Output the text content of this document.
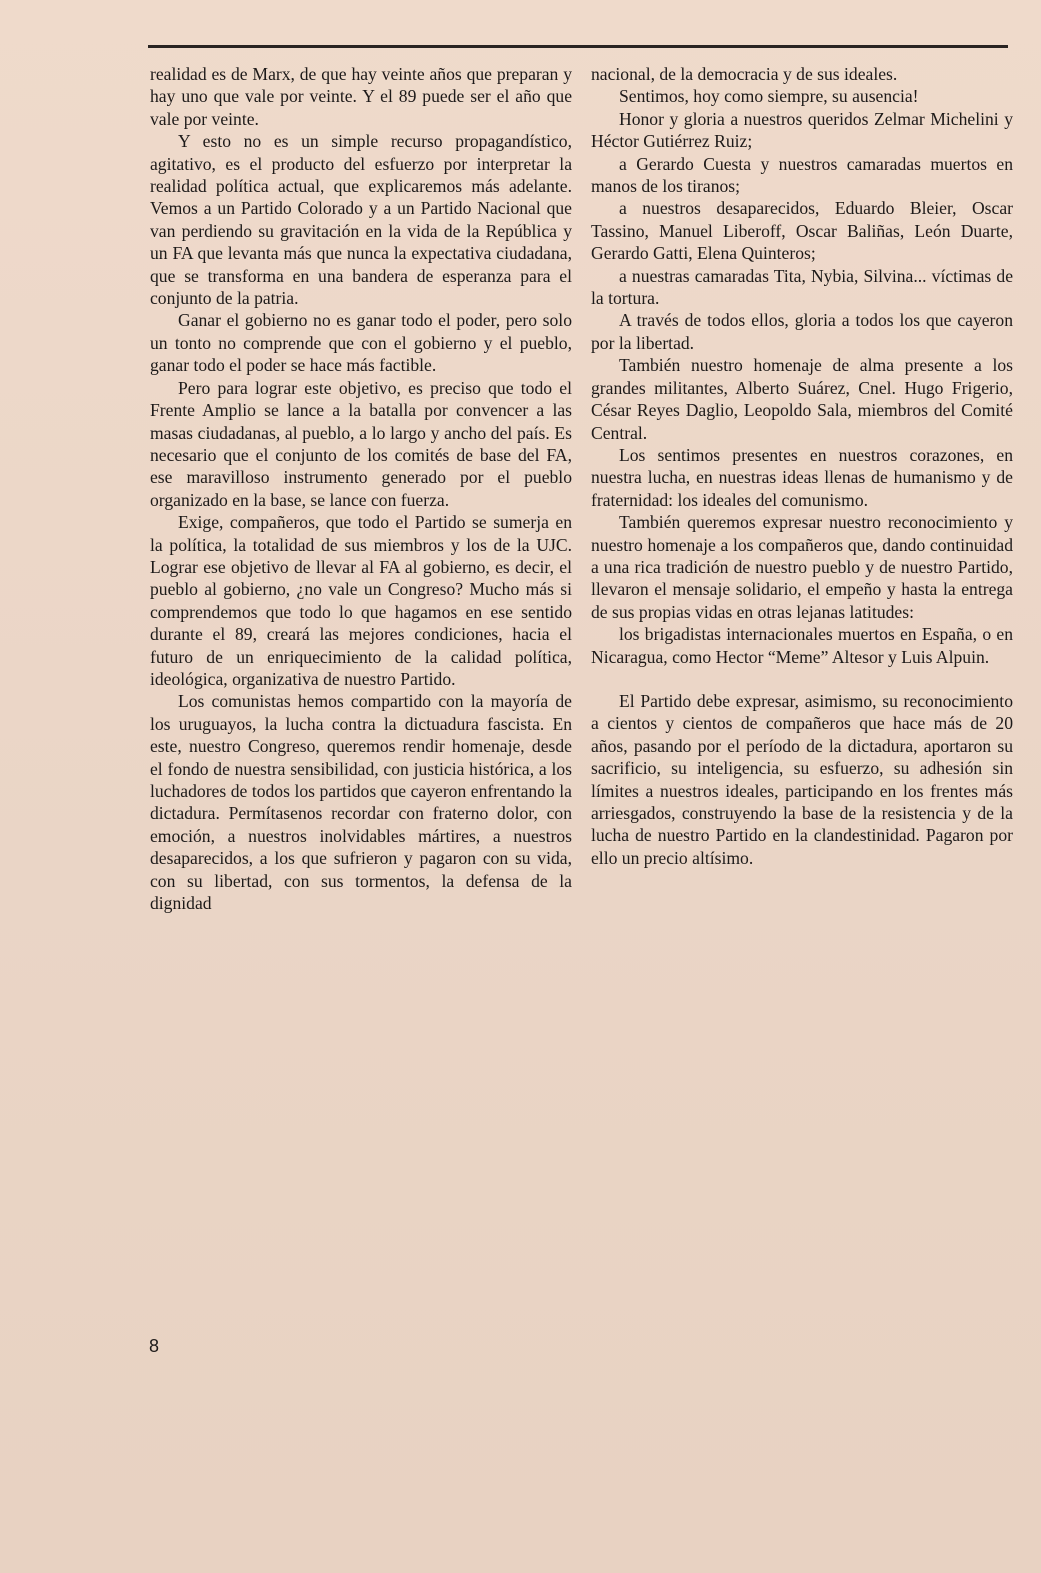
realidad es de Marx, de que hay veinte años que preparan y hay uno que vale por veinte. Y el 89 puede ser el año que vale por veinte.

Y esto no es un simple recurso propagandístico, agitativo, es el producto del esfuerzo por interpretar la realidad política actual, que explicaremos más adelante. Vemos a un Partido Colorado y a un Partido Nacional que van perdiendo su gravitación en la vida de la República y un FA que levanta más que nunca la expectativa ciudadana, que se transforma en una bandera de esperanza para el conjunto de la patria.

Ganar el gobierno no es ganar todo el poder, pero solo un tonto no comprende que con el gobierno y el pueblo, ganar todo el poder se hace más factible.

Pero para lograr este objetivo, es preciso que todo el Frente Amplio se lance a la batalla por convencer a las masas ciudadanas, al pueblo, a lo largo y ancho del país. Es necesario que el conjunto de los comités de base del FA, ese maravilloso instrumento generado por el pueblo organizado en la base, se lance con fuerza.

Exige, compañeros, que todo el Partido se sumerja en la política, la totalidad de sus miembros y los de la UJC. Lograr ese objetivo de llevar al FA al gobierno, es decir, el pueblo al gobierno, ¿no vale un Congreso? Mucho más si comprendemos que todo lo que hagamos en ese sentido durante el 89, creará las mejores condiciones, hacia el futuro de un enriquecimiento de la calidad política, ideológica, organizativa de nuestro Partido.

Los comunistas hemos compartido con la mayoría de los uruguayos, la lucha contra la dictuadura fascista. En este, nuestro Congreso, queremos rendir homenaje, desde el fondo de nuestra sensibilidad, con justicia histórica, a los luchadores de todos los partidos que cayeron enfrentando la dictadura. Permítasenos recordar con fraterno dolor, con emoción, a nuestros inolvidables mártires, a nuestros desaparecidos, a los que sufrieron y pagaron con su vida, con su libertad, con sus tormentos, la defensa de la dignidad

nacional, de la democracia y de sus ideales.

Sentimos, hoy como siempre, su ausencia!

Honor y gloria a nuestros queridos Zelmar Michelini y Héctor Gutiérrez Ruiz;

a Gerardo Cuesta y nuestros camaradas muertos en manos de los tiranos;

a nuestros desaparecidos, Eduardo Bleier, Oscar Tassino, Manuel Liberoff, Oscar Baliñas, León Duarte, Gerardo Gatti, Elena Quinteros;

a nuestras camaradas Tita, Nybia, Silvina... víctimas de la tortura.

A través de todos ellos, gloria a todos los que cayeron por la libertad.

También nuestro homenaje de alma presente a los grandes militantes, Alberto Suárez, Cnel. Hugo Frigerio, César Reyes Daglio, Leopoldo Sala, miembros del Comité Central.

Los sentimos presentes en nuestros corazones, en nuestra lucha, en nuestras ideas llenas de humanismo y de fraternidad: los ideales del comunismo.

También queremos expresar nuestro reconocimiento y nuestro homenaje a los compañeros que, dando continuidad a una rica tradición de nuestro pueblo y de nuestro Partido, llevaron el mensaje solidario, el empeño y hasta la entrega de sus propias vidas en otras lejanas latitudes:

los brigadistas internacionales muertos en España, o en Nicaragua, como Hector “Meme” Altesor y Luis Alpuin.

El Partido debe expresar, asimismo, su reconocimiento a cientos y cientos de compañeros que hace más de 20 años, pasando por el período de la dictadura, aportaron su sacrificio, su inteligencia, su esfuerzo, su adhesión sin límites a nuestros ideales, participando en los frentes más arriesgados, construyendo la base de la resistencia y de la lucha de nuestro Partido en la clandestinidad. Pagaron por ello un precio altísimo.

8
